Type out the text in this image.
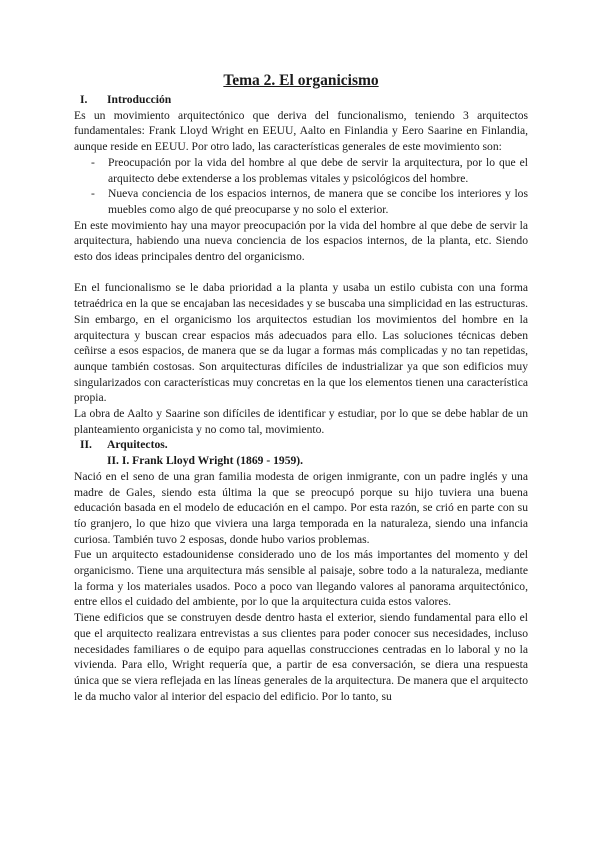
Tema 2. El organicismo
I.	Introducción

Es un movimiento arquitectónico que deriva del funcionalismo, teniendo 3 arquitectos fundamentales: Frank Lloyd Wright en EEUU, Aalto en Finlandia y Eero Saarine en Finlandia, aunque reside en EEUU. Por otro lado, las características generales de este movimiento son:

- Preocupación por la vida del hombre al que debe de servir la arquitectura, por lo que el arquitecto debe extenderse a los problemas vitales y psicológicos del hombre.
- Nueva conciencia de los espacios internos, de manera que se concibe los interiores y los muebles como algo de qué preocuparse y no solo el exterior.

En este movimiento hay una mayor preocupación por la vida del hombre al que debe de servir la arquitectura, habiendo una nueva conciencia de los espacios internos, de la planta, etc. Siendo esto dos ideas principales dentro del organicismo.

En el funcionalismo se le daba prioridad a la planta y usaba un estilo cubista con una forma tetraédrica en la que se encajaban las necesidades y se buscaba una simplicidad en las estructuras. Sin embargo, en el organicismo los arquitectos estudian los movimientos del hombre en la arquitectura y buscan crear espacios más adecuados para ello. Las soluciones técnicas deben ceñirse a esos espacios, de manera que se da lugar a formas más complicadas y no tan repetidas, aunque también costosas. Son arquitecturas difíciles de industrializar ya que son edificios muy singularizados con características muy concretas en la que los elementos tienen una característica propia.

La obra de Aalto y Saarine son difíciles de identificar y estudiar, por lo que se debe hablar de un planteamiento organicista y no como tal, movimiento.

II.	Arquitectos.
II. I. Frank Lloyd Wright (1869 - 1959).

Nació en el seno de una gran familia modesta de origen inmigrante, con un padre inglés y una madre de Gales, siendo esta última la que se preocupó porque su hijo tuviera una buena educación basada en el modelo de educación en el campo. Por esta razón, se crió en parte con su tío granjero, lo que hizo que viviera una larga temporada en la naturaleza, siendo una infancia curiosa. También tuvo 2 esposas, donde hubo varios problemas.

Fue un arquitecto estadounidense considerado uno de los más importantes del momento y del organicismo. Tiene una arquitectura más sensible al paisaje, sobre todo a la naturaleza, mediante la forma y los materiales usados. Poco a poco van llegando valores al panorama arquitectónico, entre ellos el cuidado del ambiente, por lo que la arquitectura cuida estos valores.

Tiene edificios que se construyen desde dentro hasta el exterior, siendo fundamental para ello el que el arquitecto realizara entrevistas a sus clientes para poder conocer sus necesidades, incluso necesidades familiares o de equipo para aquellas construcciones centradas en lo laboral y no la vivienda. Para ello, Wright requería que, a partir de esa conversación, se diera una respuesta única que se viera reflejada en las líneas generales de la arquitectura. De manera que el arquitecto le da mucho valor al interior del espacio del edificio. Por lo tanto, su
